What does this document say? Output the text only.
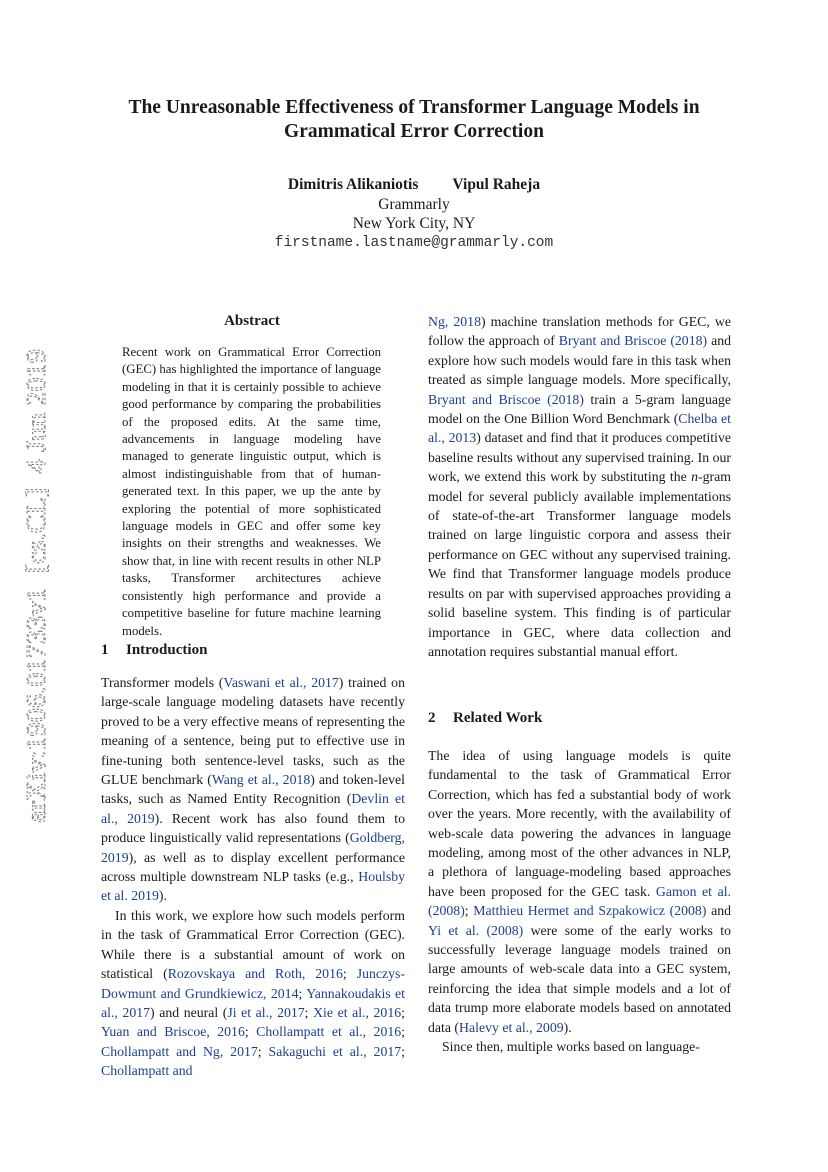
The Unreasonable Effectiveness of Transformer Language Models in Grammatical Error Correction
Dimitris Alikaniotis Vipul Raheja
Grammarly
New York City, NY
firstname.lastname@grammarly.com
arXiv:1906.01733v1  [cs.CL]  4 Jun 2019
Abstract

Recent work on Grammatical Error Correction (GEC) has highlighted the importance of language modeling in that it is certainly possible to achieve good performance by comparing the probabilities of the proposed edits. At the same time, advancements in language modeling have managed to generate linguistic output, which is almost indistinguishable from that of human-generated text. In this paper, we up the ante by exploring the potential of more sophisticated language models in GEC and offer some key insights on their strengths and weaknesses. We show that, in line with recent results in other NLP tasks, Transformer architectures achieve consistently high performance and provide a competitive baseline for future machine learning models.

1 Introduction

Transformer models (Vaswani et al., 2017) trained on large-scale language modeling datasets have recently proved to be a very effective means of representing the meaning of a sentence, being put to effective use in fine-tuning both sentence-level tasks, such as the GLUE benchmark (Wang et al., 2018) and token-level tasks, such as Named Entity Recognition (Devlin et al., 2019). Recent work has also found them to produce linguistically valid representations (Goldberg, 2019), as well as to display excellent performance across multiple downstream NLP tasks (e.g., Houlsby et al. 2019).

In this work, we explore how such models perform in the task of Grammatical Error Correction (GEC). While there is a substantial amount of work on statistical (Rozovskaya and Roth, 2016; Junczys-Dowmunt and Grundkiewicz, 2014; Yannakoudakis et al., 2017) and neural (Ji et al., 2017; Xie et al., 2016; Yuan and Briscoe, 2016; Chollampatt et al., 2016; Chollampatt and Ng, 2017; Sakaguchi et al., 2017; Chollampatt and

Ng, 2018) machine translation methods for GEC, we follow the approach of Bryant and Briscoe (2018) and explore how such models would fare in this task when treated as simple language models. More specifically, Bryant and Briscoe (2018) train a 5-gram language model on the One Billion Word Benchmark (Chelba et al., 2013) dataset and find that it produces competitive baseline results without any supervised training. In our work, we extend this work by substituting the n-gram model for several publicly available implementations of state-of-the-art Transformer language models trained on large linguistic corpora and assess their performance on GEC without any supervised training. We find that Transformer language models produce results on par with supervised approaches providing a solid baseline system. This finding is of particular importance in GEC, where data collection and annotation requires substantial manual effort.

2 Related Work

The idea of using language models is quite fundamental to the task of Grammatical Error Correction, which has fed a substantial body of work over the years. More recently, with the availability of web-scale data powering the advances in language modeling, among most of the other advances in NLP, a plethora of language-modeling based approaches have been proposed for the GEC task. Gamon et al. (2008); Matthieu Hermet and Szpakowicz (2008) and Yi et al. (2008) were some of the early works to successfully leverage language models trained on large amounts of web-scale data into a GEC system, reinforcing the idea that simple models and a lot of data trump more elaborate models based on annotated data (Halevy et al., 2009).

Since then, multiple works based on language-
